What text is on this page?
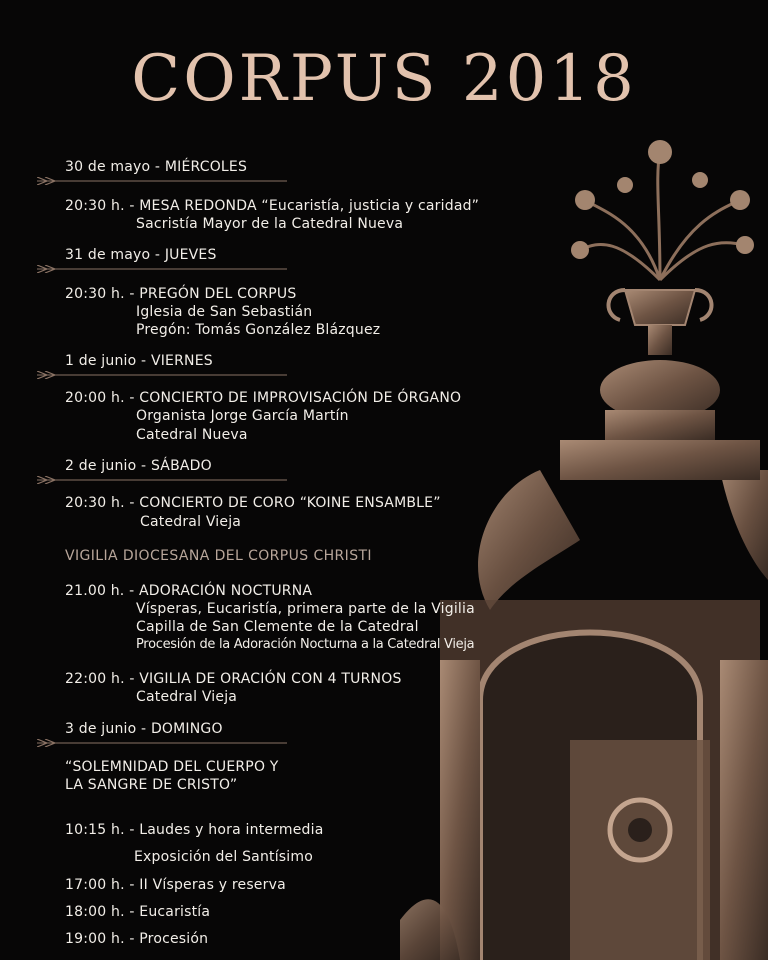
CORPUS 2018
30 de mayo - MIÉRCOLES
20:30 h. - MESA REDONDA “Eucaristía, justicia y caridad”
Sacristía Mayor de la Catedral Nueva
31 de mayo - JUEVES
20:30 h. - PREGÓN DEL CORPUS
Iglesia de San Sebastián
Pregón: Tomás González Blázquez
1 de junio - VIERNES
20:00 h. - CONCIERTO DE IMPROVISACIÓN DE ÓRGANO
Organista Jorge García Martín
Catedral Nueva
2 de junio - SÁBADO
20:30 h. - CONCIERTO DE CORO “KOINE ENSAMBLE”
Catedral Vieja
VIGILIA DIOCESANA DEL CORPUS CHRISTI
21.00 h. - ADORACIÓN NOCTURNA
Vísperas, Eucaristía, primera parte de la Vigilia
Capilla de San Clemente de la Catedral
Procesión de la Adoración Nocturna a la Catedral Vieja
22:00 h. - VIGILIA DE ORACIÓN CON 4 TURNOS
Catedral Vieja
3 de junio - DOMINGO
“SOLEMNIDAD DEL CUERPO Y
LA SANGRE DE CRISTO”
10:15 h. - Laudes y hora intermedia
Exposición del Santísimo
17:00 h. - II Vísperas y reserva
18:00 h. - Eucaristía
19:00 h. - Procesión
